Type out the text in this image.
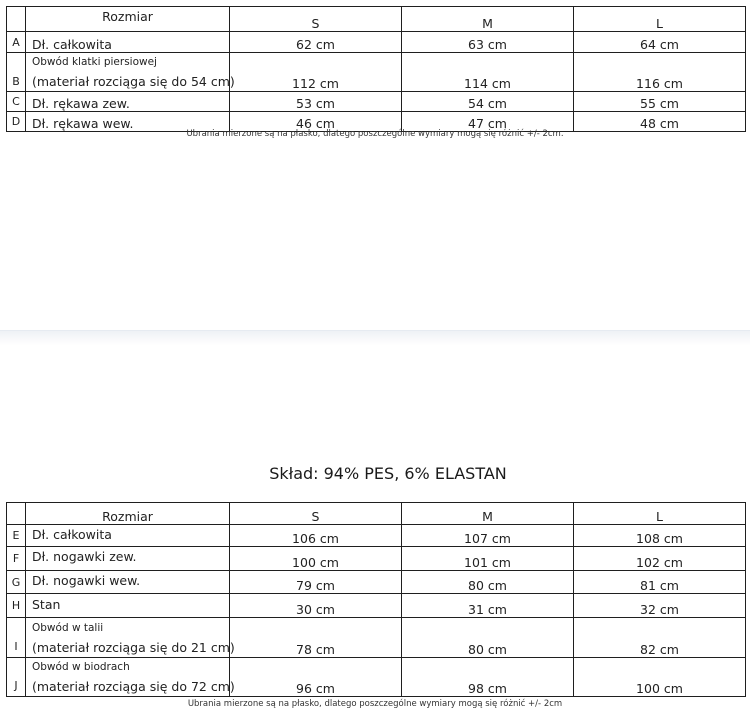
	Rozmiar	S	M	L
A	Dł. całkowita	62 cm	63 cm	64 cm
B	Obwód klatki piersiowej
(materiał rozciąga się do 54 cm)	112 cm	114 cm	116 cm
C	Dł. rękawa zew.	53 cm	54 cm	55 cm
D	Dł. rękawa wew.	46 cm	47 cm	48 cm
Ubrania mierzone są na płasko, dlatego poszczególne wymiary mogą się różnić +/- 2cm.
Skład: 94% PES, 6% ELASTAN
	Rozmiar	S	M	L
E	Dł. całkowita	106 cm	107 cm	108 cm
F	Dł. nogawki zew.	100 cm	101 cm	102 cm
G	Dł. nogawki wew.	79 cm	80 cm	81 cm
H	Stan	30 cm	31 cm	32 cm
I	Obwód w talii
(materiał rozciąga się do 21 cm)	78 cm	80 cm	82 cm
J	Obwód w biodrach
(materiał rozciąga się do 72 cm)	96 cm	98 cm	100 cm
Ubrania mierzone są na płasko, dlatego poszczególne wymiary mogą się różnić +/- 2cm
